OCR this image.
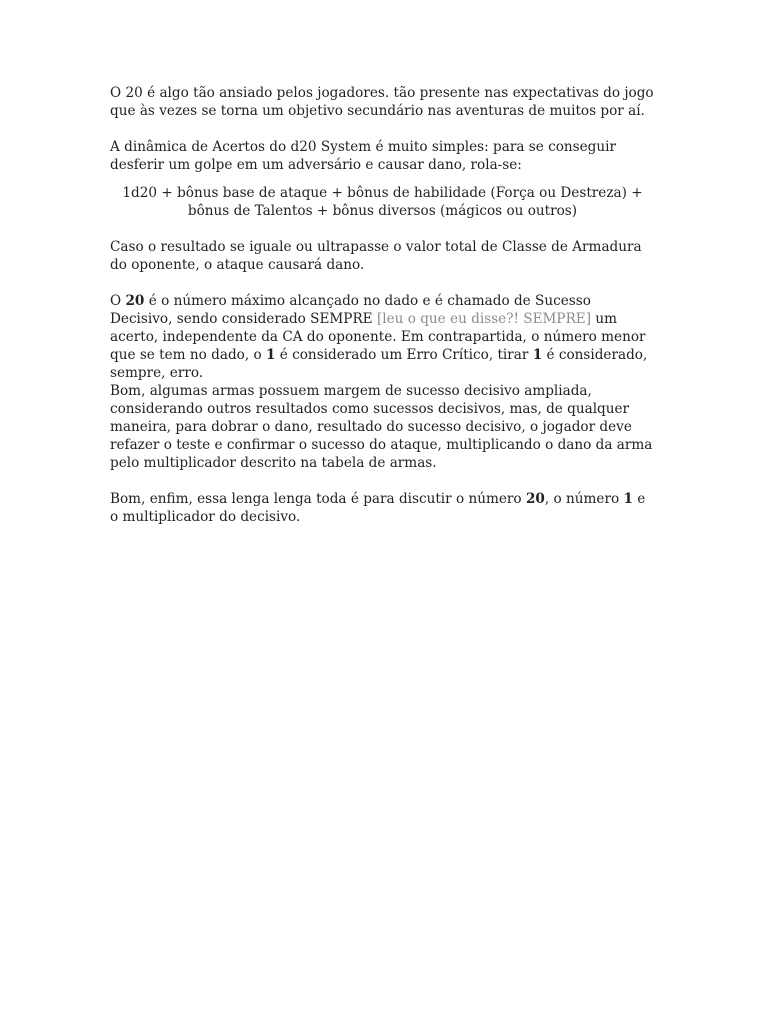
O 20 é algo tão ansiado pelos jogadores. tão presente nas expectativas do jogo que às vezes se torna um objetivo secundário nas aventuras de muitos por aí.

A dinâmica de Acertos do d20 System é muito simples: para se conseguir desferir um golpe em um adversário e causar dano, rola-se:

1d20 + bônus base de ataque + bônus de habilidade (Força ou Destreza) +
bônus de Talentos + bônus diversos (mágicos ou outros)

Caso o resultado se iguale ou ultrapasse o valor total de Classe de Armadura do oponente, o ataque causará dano.

O 20 é o número máximo alcançado no dado e é chamado de Sucesso Decisivo, sendo considerado SEMPRE [leu o que eu disse?! SEMPRE] um acerto, independente da CA do oponente. Em contrapartida, o número menor que se tem no dado, o 1 é considerado um Erro Crítico, tirar 1 é considerado, sempre, erro.

Bom, algumas armas possuem margem de sucesso decisivo ampliada, considerando outros resultados como sucessos decisivos, mas, de qualquer maneira, para dobrar o dano, resultado do sucesso decisivo, o jogador deve refazer o teste e confirmar o sucesso do ataque, multiplicando o dano da arma pelo multiplicador descrito na tabela de armas.

Bom, enfim, essa lenga lenga toda é para discutir o número 20, o número 1 e o multiplicador do decisivo.
